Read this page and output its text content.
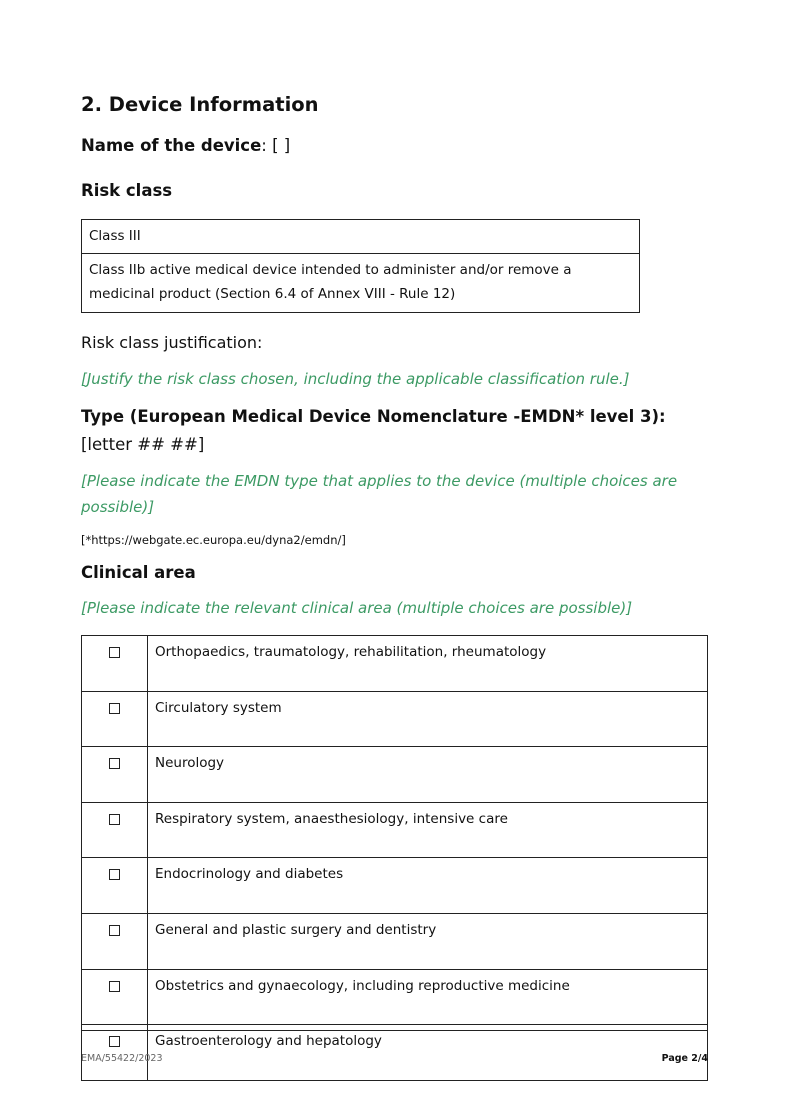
2. Device Information
Name of the device: [ ]
Risk class
Class III
Class IIb active medical device intended to administer and/or remove a medicinal product (Section 6.4 of Annex VIII - Rule 12)
Risk class justification:
[Justify the risk class chosen, including the applicable classification rule.]
Type (European Medical Device Nomenclature -EMDN* level 3): [letter ## ##]
[Please indicate the EMDN type that applies to the device (multiple choices are possible)]
[*https://webgate.ec.europa.eu/dyna2/emdn/]
Clinical area
[Please indicate the relevant clinical area (multiple choices are possible)]
	Orthopaedics, traumatology, rehabilitation, rheumatology
	Circulatory system
	Neurology
	Respiratory system, anaesthesiology, intensive care
	Endocrinology and diabetes
	General and plastic surgery and dentistry
	Obstetrics and gynaecology, including reproductive medicine
	Gastroenterology and hepatology
EMA/55422/2023	Page 2/4
